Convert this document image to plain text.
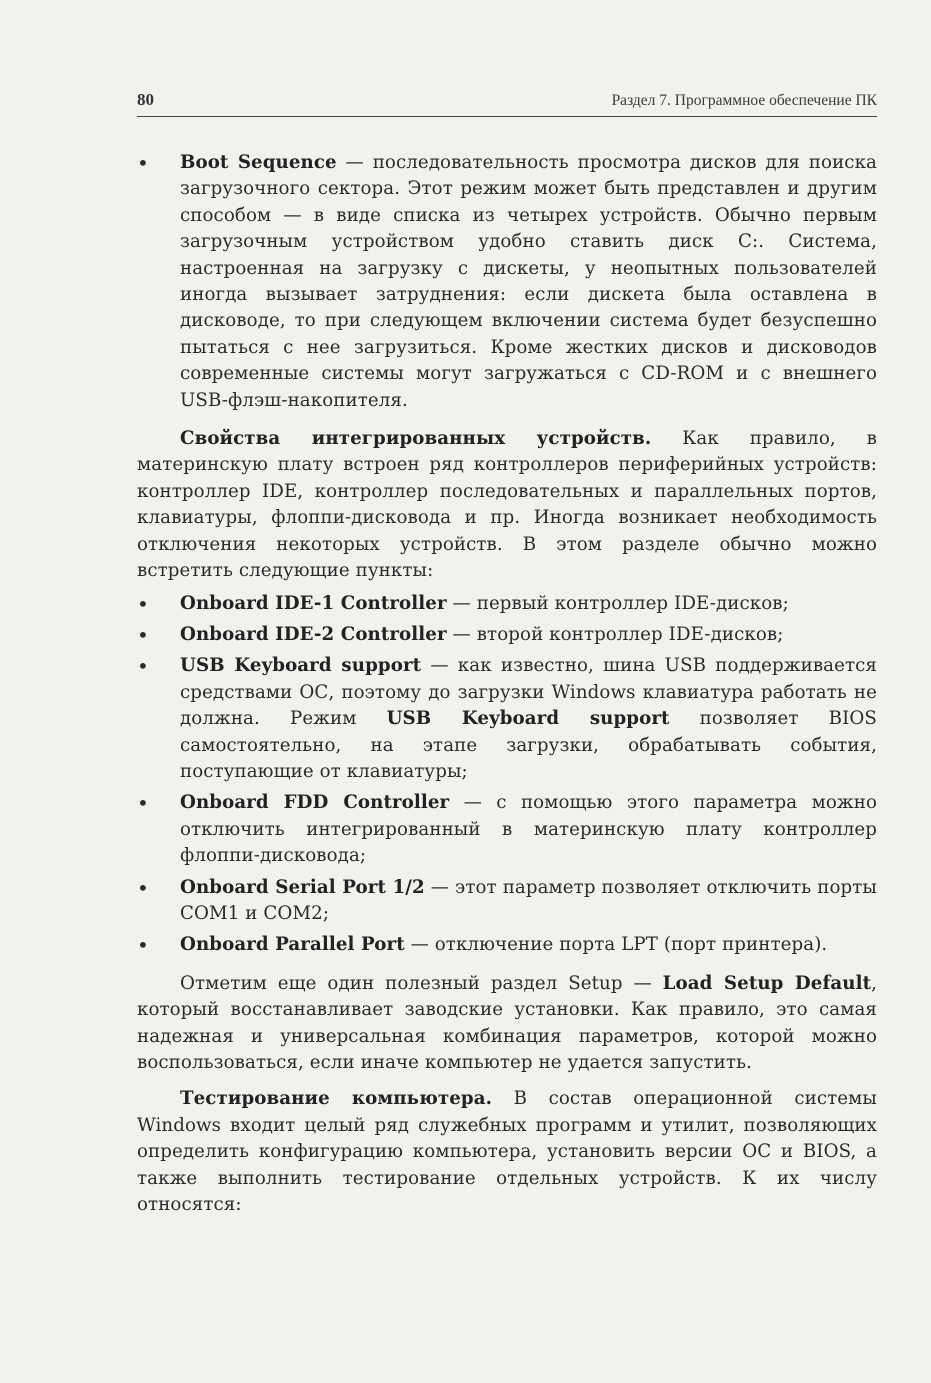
80	Раздел 7. Программное обеспечение ПК

• Boot Sequence — последовательность просмотра дисков для поиска загрузочного сектора. Этот режим может быть представлен и другим способом — в виде списка из четырех устройств. Обычно первым загрузочным устройством удобно ставить диск С:. Система, настроенная на загрузку с дискеты, у неопытных пользователей иногда вызывает затруднения: если дискета была оставлена в дисководе, то при следующем включении система будет безуспешно пытаться с нее загрузиться. Кроме жестких дисков и дисководов современные системы могут загружаться с CD-ROM и с внешнего USB-флэш-накопителя.

Свойства интегрированных устройств. Как правило, в материнскую плату встроен ряд контроллеров периферийных устройств: контроллер IDE, контроллер последовательных и параллельных портов, клавиатуры, флоппи-дисковода и пр. Иногда возникает необходимость отключения некоторых устройств. В этом разделе обычно можно встретить следующие пункты:

• Onboard IDE-1 Controller — первый контроллер IDE-дисков;

• Onboard IDE-2 Controller — второй контроллер IDE-дисков;

• USB Keyboard support — как известно, шина USB поддерживается средствами ОС, поэтому до загрузки Windows клавиатура работать не должна. Режим USB Keyboard support позволяет BIOS самостоятельно, на этапе загрузки, обрабатывать события, поступающие от клавиатуры;

• Onboard FDD Controller — с помощью этого параметра можно отключить интегрированный в материнскую плату контроллер флоппи-дисковода;

• Onboard Serial Port 1/2 — этот параметр позволяет отключить порты СОМ1 и СОМ2;

• Onboard Parallel Port — отключение порта LPT (порт принтера).

Отметим еще один полезный раздел Setup — Load Setup Default, который восстанавливает заводские установки. Как правило, это самая надежная и универсальная комбинация параметров, которой можно воспользоваться, если иначе компьютер не удается запустить.

Тестирование компьютера. В состав операционной системы Windows входит целый ряд служебных программ и утилит, позволяющих определить конфигурацию компьютера, установить версии ОС и BIOS, а также выполнить тестирование отдельных устройств. К их числу относятся:
